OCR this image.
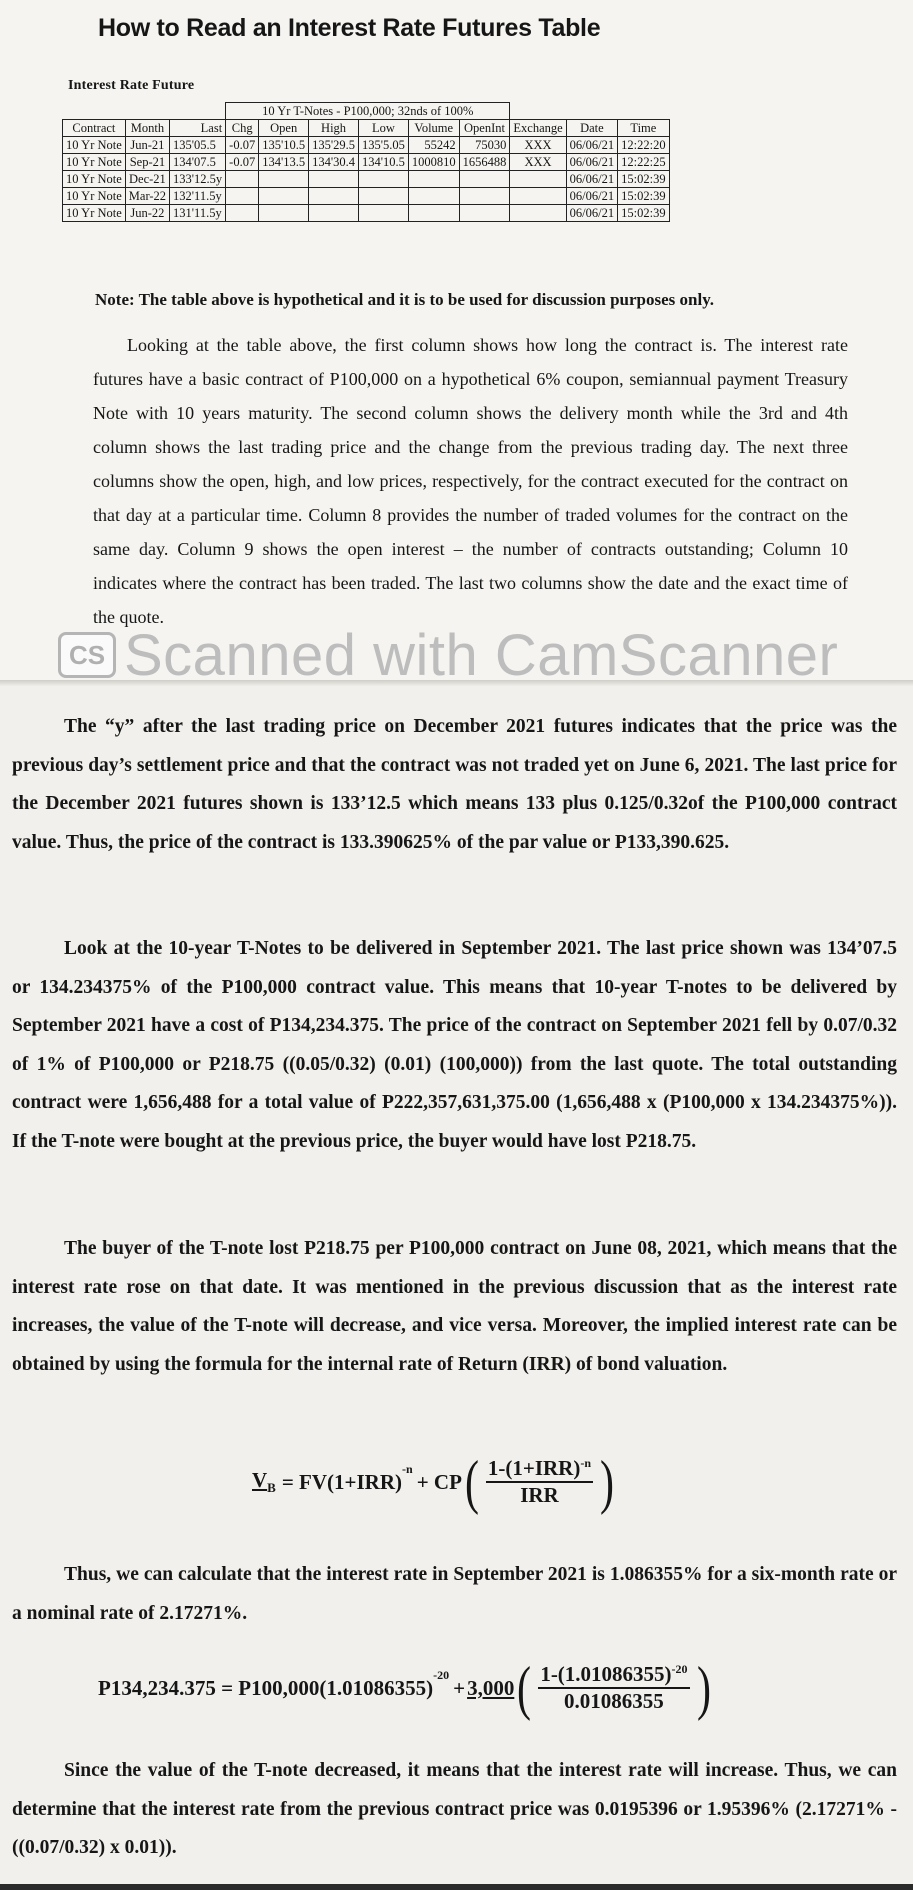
How to Read an Interest Rate Futures Table
Interest Rate Future
			10 Yr T-Notes - P100,000; 32nds of 100%								
Contract	Month	Last	Chg	Open	High	Low	Volume	OpenInt	Exchange	Date	Time
10 Yr Note	Jun-21	135'05.5	-0.07	135'10.5	135'29.5	135'5.05	55242	75030	XXX	06/06/21	12:22:20
10 Yr Note	Sep-21	134'07.5	-0.07	134'13.5	134'30.4	134'10.5	1000810	1656488	XXX	06/06/21	12:22:25
10 Yr Note	Dec-21	133'12.5y								06/06/21	15:02:39
10 Yr Note	Mar-22	132'11.5y								06/06/21	15:02:39
10 Yr Note	Jun-22	131'11.5y								06/06/21	15:02:39

Note: The table above is hypothetical and it is to be used for discussion purposes only.

Looking at the table above, the first column shows how long the contract is. The interest rate futures have a basic contract of P100,000 on a hypothetical 6% coupon, semiannual payment Treasury Note with 10 years maturity. The second column shows the delivery month while the 3rd and 4th column shows the last trading price and the change from the previous trading day. The next three columns show the open, high, and low prices, respectively, for the contract executed for the contract on that day at a particular time. Column 8 provides the number of traded volumes for the contract on the same day. Column 9 shows the open interest – the number of contracts outstanding; Column 10 indicates where the contract has been traded. The last two columns show the date and the exact time of the quote.

CS Scanned with CamScanner

The “y” after the last trading price on December 2021 futures indicates that the price was the previous day’s settlement price and that the contract was not traded yet on June 6, 2021. The last price for the December 2021 futures shown is 133’12.5 which means 133 plus 0.125/0.32of the P100,000 contract value. Thus, the price of the contract is 133.390625% of the par value or P133,390.625.

Look at the 10-year T-Notes to be delivered in September 2021. The last price shown was 134’07.5 or 134.234375% of the P100,000 contract value. This means that 10-year T-notes to be delivered by September 2021 have a cost of P134,234.375. The price of the contract on September 2021 fell by 0.07/0.32 of 1% of P100,000 or P218.75 ((0.05/0.32) (0.01) (100,000)) from the last quote. The total outstanding contract were 1,656,488 for a total value of P222,357,631,375.00 (1,656,488 x (P100,000 x 134.234375%)). If the T-note were bought at the previous price, the buyer would have lost P218.75.

The buyer of the T-note lost P218.75 per P100,000 contract on June 08, 2021, which means that the interest rate rose on that date. It was mentioned in the previous discussion that as the interest rate increases, the value of the T-note will decrease, and vice versa. Moreover, the implied interest rate can be obtained by using the formula for the internal rate of Return (IRR) of bond valuation.

$V_B = FV(1+IRR)$
$^{-n}$
+ CP ( $\frac{1-(1+IRR)^{-n}}{\text{IRR}}$ )

Thus, we can calculate that the interest rate in September 2021 is 1.086355% for a six-month rate or a nominal rate of 2.17271%.

P134,234.375 = P100,000(1.01086355)
$^{-20}$
+ 3,000 ( $\frac{1-(1.01086355)^{-20}}{0.01086355}$ )

Since the value of the T-note decreased, it means that the interest rate will increase. Thus, we can determine that the interest rate from the previous contract price was 0.0195396 or 1.95396% (2.17271% - ((0.07/0.32) x 0.01)).
